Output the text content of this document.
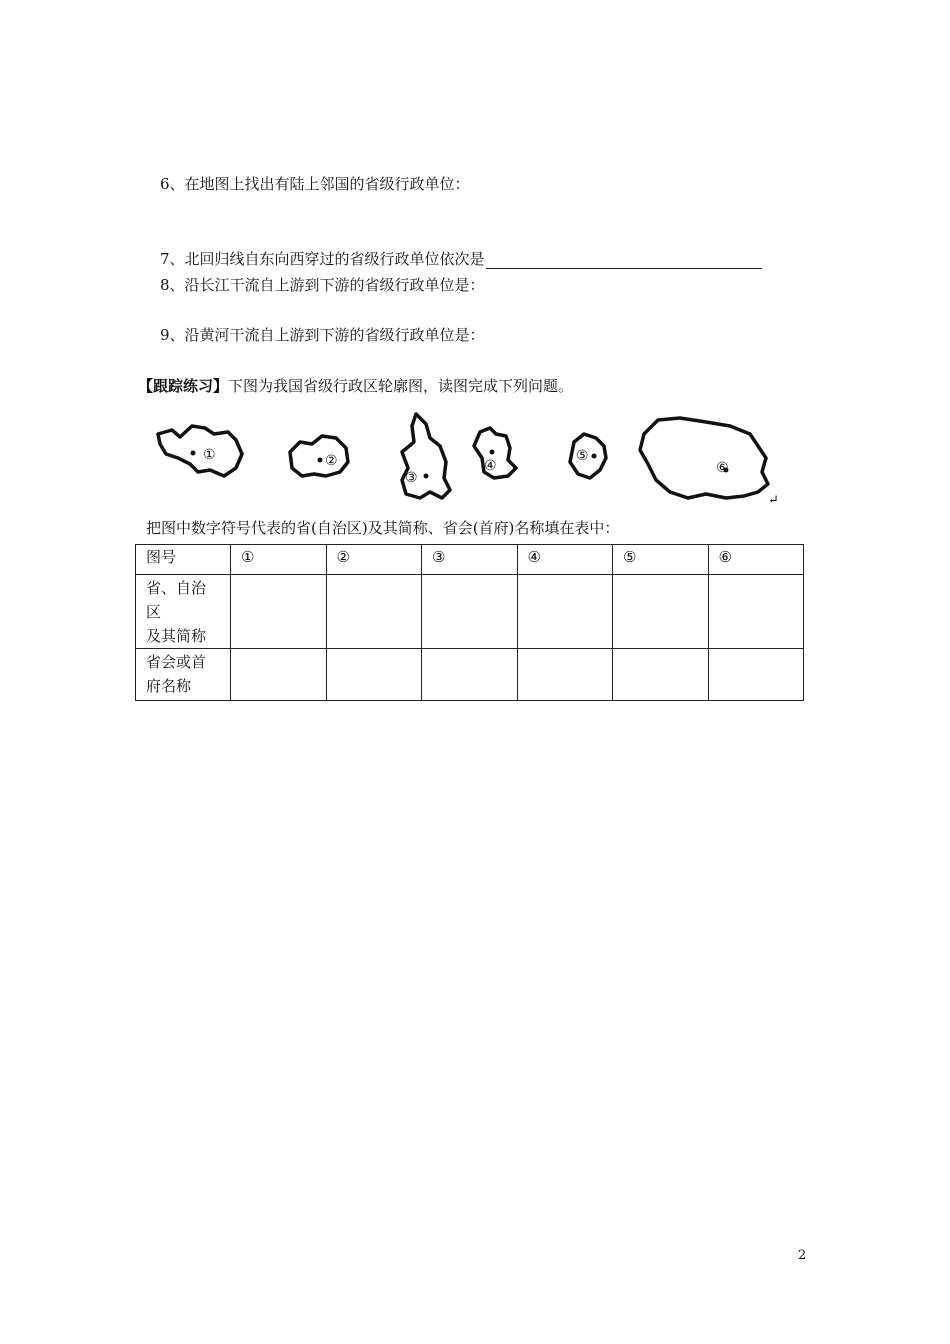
6、在地图上找出有陆上邻国的省级行政单位：
7、北回归线自东向西穿过的省级行政单位依次是
8、沿长江干流自上游到下游的省级行政单位是：
9、沿黄河干流自上游到下游的省级行政单位是：
【跟踪练习】下图为我国省级行政区轮廓图，读图完成下列问题。
①	②
③
④
⑤
⑥
↵
把图中数字符号代表的省(自治区)及其简称、省会(首府)名称填在表中：
图号	①	②	③	④	⑤	⑥

省、自治区
及其简称						

省会或首
府名称						

2
